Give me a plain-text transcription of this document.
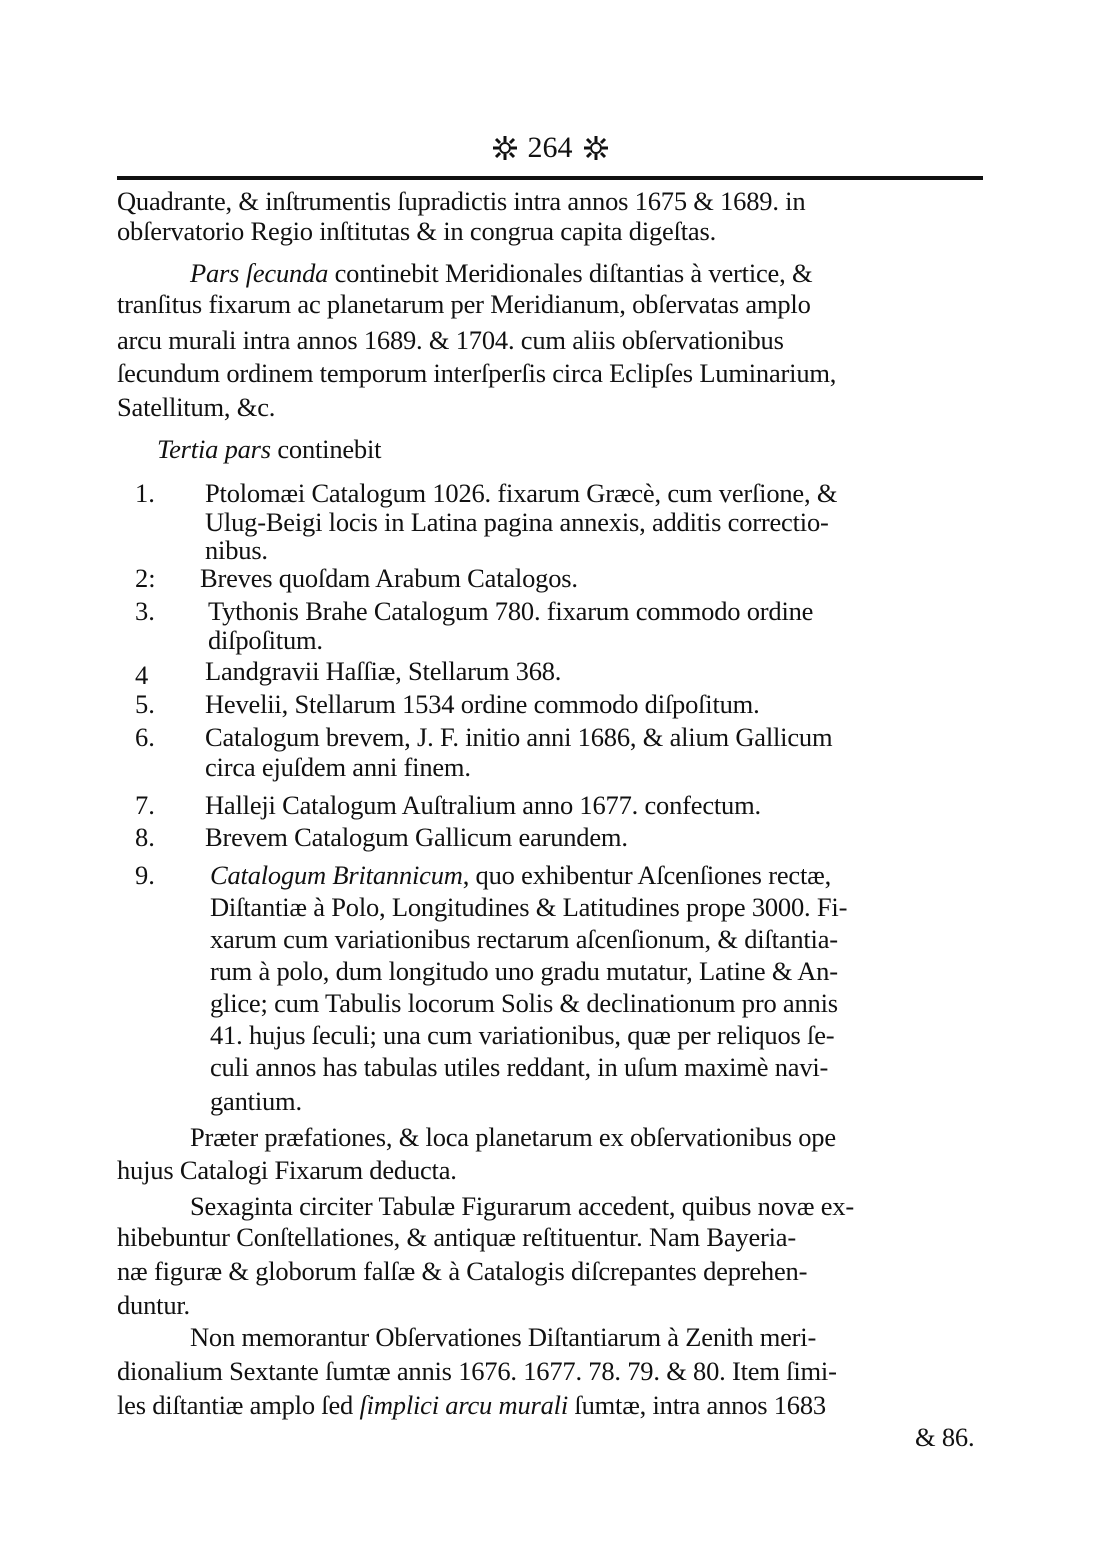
264
Quadrante, & inſtrumentis ſupradictis intra annos 1675 & 1689. in
obſervatorio Regio inſtitutas & in congrua capita digeſtas.
Pars ſecunda continebit Meridionales diſtantias à vertice, &
tranſitus fixarum ac planetarum per Meridianum, obſervatas amplo
arcu murali intra annos 1689. & 1704. cum aliis obſervationibus
ſecundum ordinem temporum interſperſis circa Eclipſes Luminarium,
Satellitum, &c.
Tertia pars continebit
1. Ptolomæi Catalogum 1026. fixarum Græcè, cum verſione, &
Ulug-Beigi locis in Latina pagina annexis, additis correctio-
nibus.
2: Breves quoſdam Arabum Catalogos.
3. Tythonis Brahe Catalogum 780. fixarum commodo ordine
diſpoſitum.
4 Landgravii Haſſiæ, Stellarum 368.
5. Hevelii, Stellarum 1534 ordine commodo diſpoſitum.
6. Catalogum brevem, J. F. initio anni 1686, & alium Gallicum
circa ejuſdem anni finem.
7. Halleji Catalogum Auſtralium anno 1677. confectum.
8. Brevem Catalogum Gallicum earundem.
9. Catalogum Britannicum, quo exhibentur Aſcenſiones rectæ,
Diſtantiæ à Polo, Longitudines & Latitudines prope 3000. Fi-
xarum cum variationibus rectarum aſcenſionum, & diſtantia-
rum à polo, dum longitudo uno gradu mutatur, Latine & An-
glice; cum Tabulis locorum Solis & declinationum pro annis
41. hujus ſeculi; una cum variationibus, quæ per reliquos ſe-
culi annos has tabulas utiles reddant, in uſum maximè navi-
gantium.
Præter præfationes, & loca planetarum ex obſervationibus ope
hujus Catalogi Fixarum deducta.
Sexaginta circiter Tabulæ Figurarum accedent, quibus novæ ex-
hibebuntur Conſtellationes, & antiquæ reſtituentur. Nam Bayeria-
næ figuræ & globorum falſæ & à Catalogis diſcrepantes deprehen-
duntur.
Non memorantur Obſervationes Diſtantiarum à Zenith meri-
dionalium Sextante ſumtæ annis 1676. 1677. 78. 79. & 80. Item ſimi-
les diſtantiæ amplo ſed ſimplici arcu murali ſumtæ, intra annos 1683
& 86.
